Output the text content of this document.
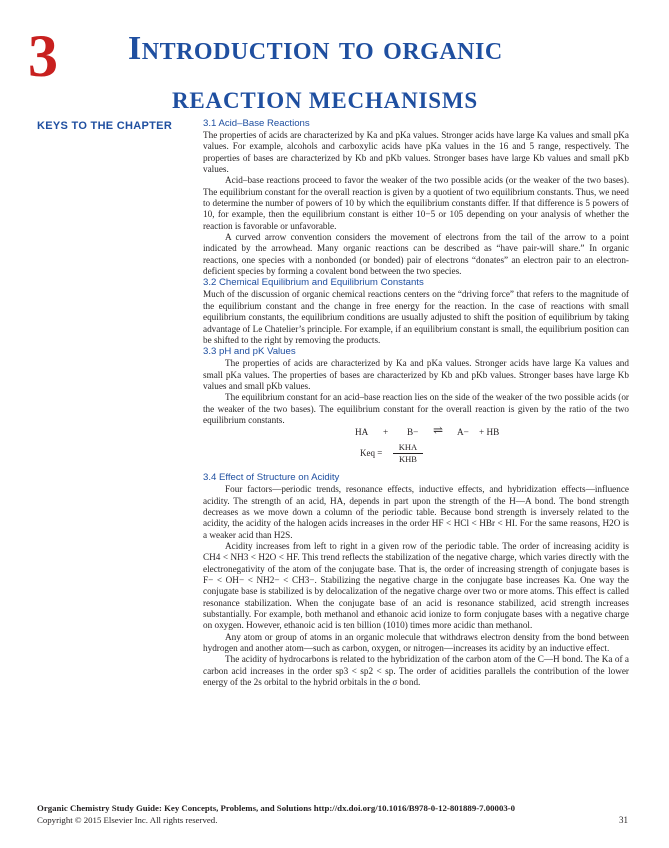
3 Introduction to organic
REACTION MECHANISMS
KEYS TO THE CHAPTER	3.1 Acid–Base Reactions

The properties of acids are characterized by Ka and pKa values. Stronger acids have large Ka values and small pKa values. For example, alcohols and carboxylic acids have pKa values in the 16 and 5 range, respectively. The properties of bases are characterized by Kb and pKb values. Stronger bases have large Kb values and small pKb values.

Acid–base reactions proceed to favor the weaker of the two possible acids (or the weaker of the two bases). The equilibrium constant for the overall reaction is given by a quotient of two equilibrium constants. Thus, we need to determine the number of powers of 10 by which the equilibrium constants differ. If that difference is 5 powers of 10, for example, then the equilibrium constant is either 10−5 or 105 depending on your analysis of whether the reaction is favorable or unfavorable.

A curved arrow convention considers the movement of electrons from the tail of the arrow to a point indicated by the arrowhead. Many organic reactions can be described as “have pair-will share.” In organic reactions, one species with a nonbonded (or bonded) pair of electrons “donates” an electron pair to an electron-deficient species by forming a covalent bond between the two species.

3.2 Chemical Equilibrium and Equilibrium Constants

Much of the discussion of organic chemical reactions centers on the “driving force” that refers to the magnitude of the equilibrium constant and the change in free energy for the reaction. In the case of reactions with small equilibrium constants, the equilibrium conditions are usually adjusted to shift the position of equilibrium by taking advantage of Le Chatelier’s principle. For example, if an equilibrium constant is small, the equilibrium position can be shifted to the right by removing the products.

3.3 pH and pK Values

The properties of acids are characterized by Ka and pKa values. Stronger acids have large Ka values and small pKa values. The properties of bases are characterized by Kb and pKb values. Stronger bases have large Kb values and small pKb values.

The equilibrium constant for an acid–base reaction lies on the side of the weaker of the two possible acids (or the weaker of the two bases). The equilibrium constant for the overall reaction is given by the ratio of the two equilibrium constants.

HA + B− ⇌ A− + HB
Keq =
KHA
KHB
3.4 Effect of Structure on Acidity

Four factors—periodic trends, resonance effects, inductive effects, and hybridization effects—influence acidity. The strength of an acid, HA, depends in part upon the strength of the H—A bond. The bond strength decreases as we move down a column of the periodic table. Because bond strength is inversely related to the acidity, the acidity of the halogen acids increases in the order HF < HCl < HBr < HI. For the same reasons, H2O is a weaker acid than H2S.

Acidity increases from left to right in a given row of the periodic table. The order of increasing acidity is CH4 < NH3 < H2O < HF. This trend reflects the stabilization of the negative charge, which varies directly with the electronegativity of the atom of the conjugate base. That is, the order of increasing strength of conjugate bases is F− < OH− < NH2− < CH3−. Stabilizing the negative charge in the conjugate base increases Ka. One way the conjugate base is stabilized is by delocalization of the negative charge over two or more atoms. This effect is called resonance stabilization. When the conjugate base of an acid is resonance stabilized, acid strength increases substantially. For example, both methanol and ethanoic acid ionize to form conjugate bases with a negative charge on oxygen. However, ethanoic acid is ten billion (1010) times more acidic than methanol.

Any atom or group of atoms in an organic molecule that withdraws electron density from the bond between hydrogen and another atom—such as carbon, oxygen, or nitrogen—increases its acidity by an inductive effect.

The acidity of hydrocarbons is related to the hybridization of the carbon atom of the C—H bond. The Ka of a carbon acid increases in the order sp3 < sp2 < sp. The order of acidities parallels the contribution of the lower energy of the 2s orbital to the hybrid orbitals in the σ bond.

Organic Chemistry Study Guide: Key Concepts, Problems, and Solutions http://dx.doi.org/10.1016/B978-0-12-801889-7.00003-0
Copyright © 2015 Elsevier Inc. All rights reserved.	31
